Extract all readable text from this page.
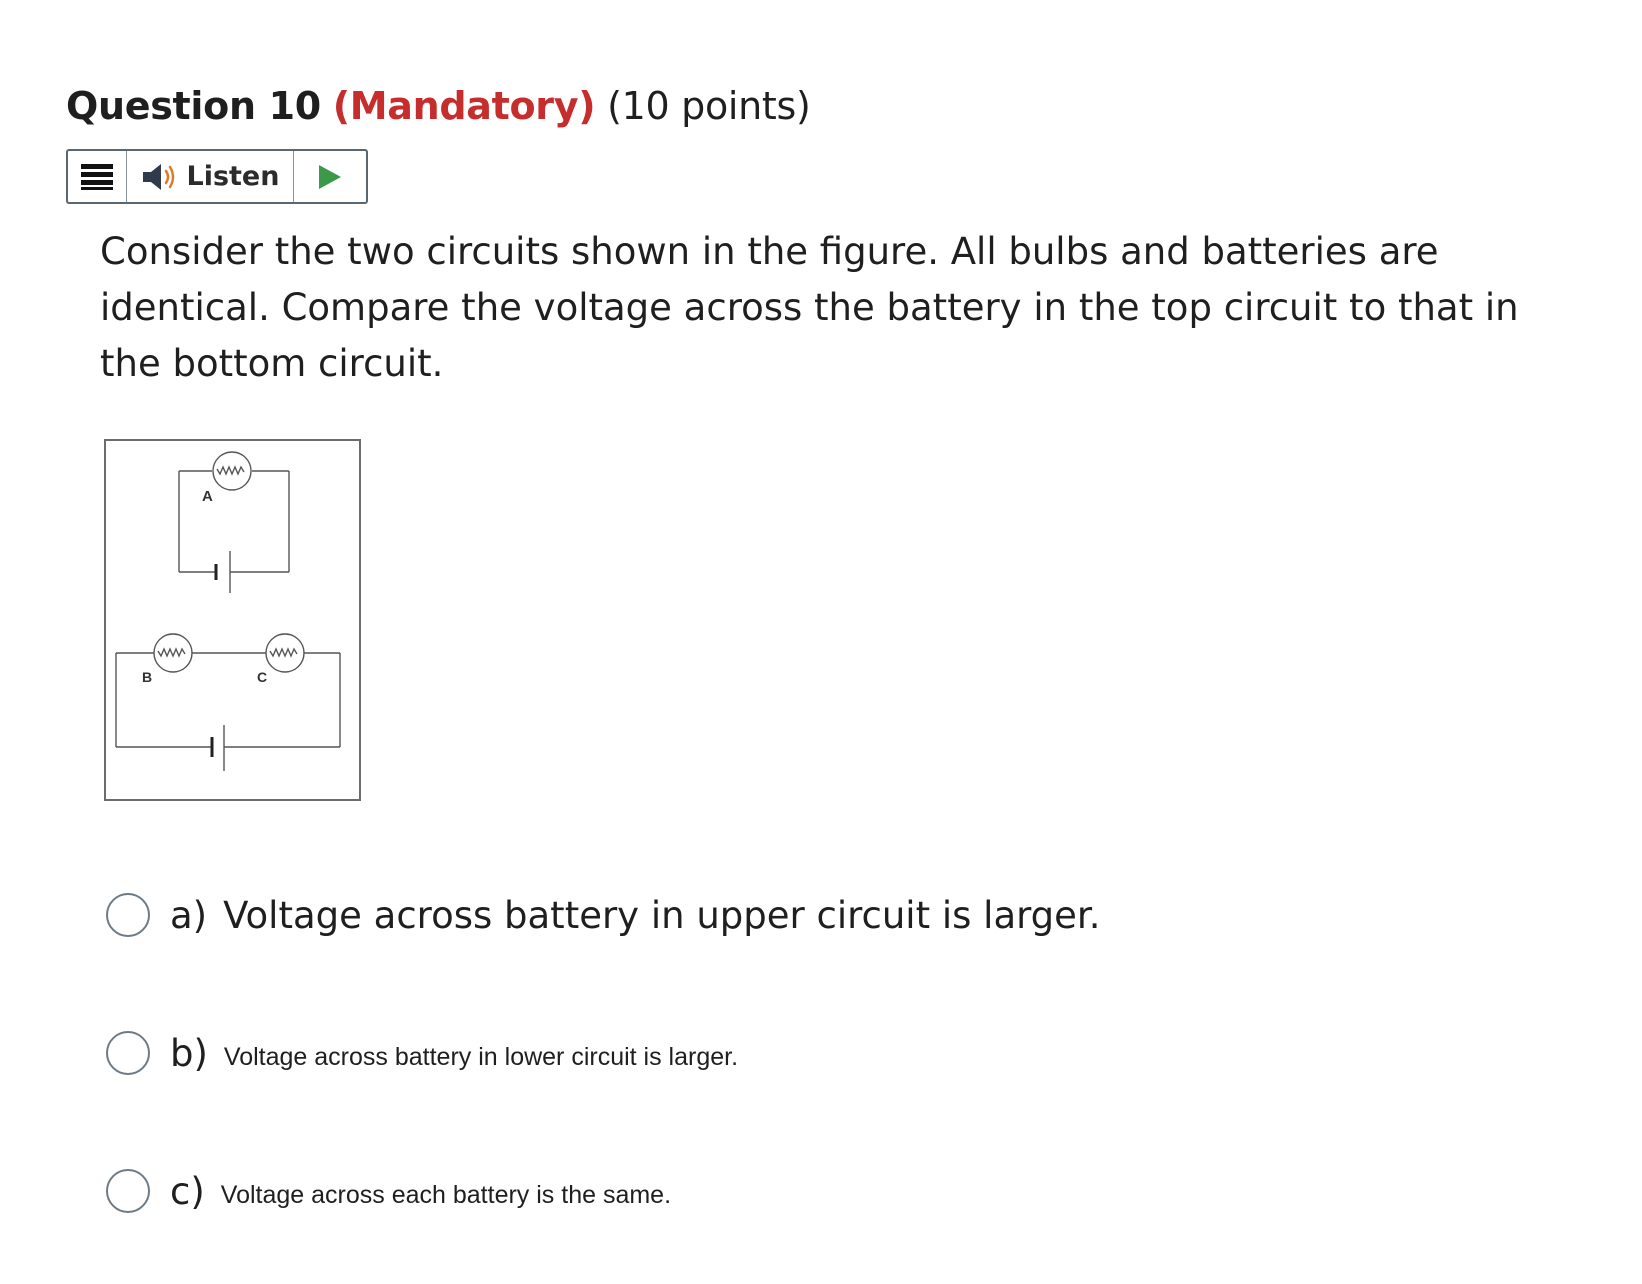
Question 10 (Mandatory) (10 points)
Listen

Consider the two circuits shown in the figure. All bulbs and batteries are identical. Compare the voltage across the battery in the top circuit to that in the bottom circuit.

A
B	C
a) Voltage across battery in upper circuit is larger.
b) Voltage across battery in lower circuit is larger.
c) Voltage across each battery is the same.
